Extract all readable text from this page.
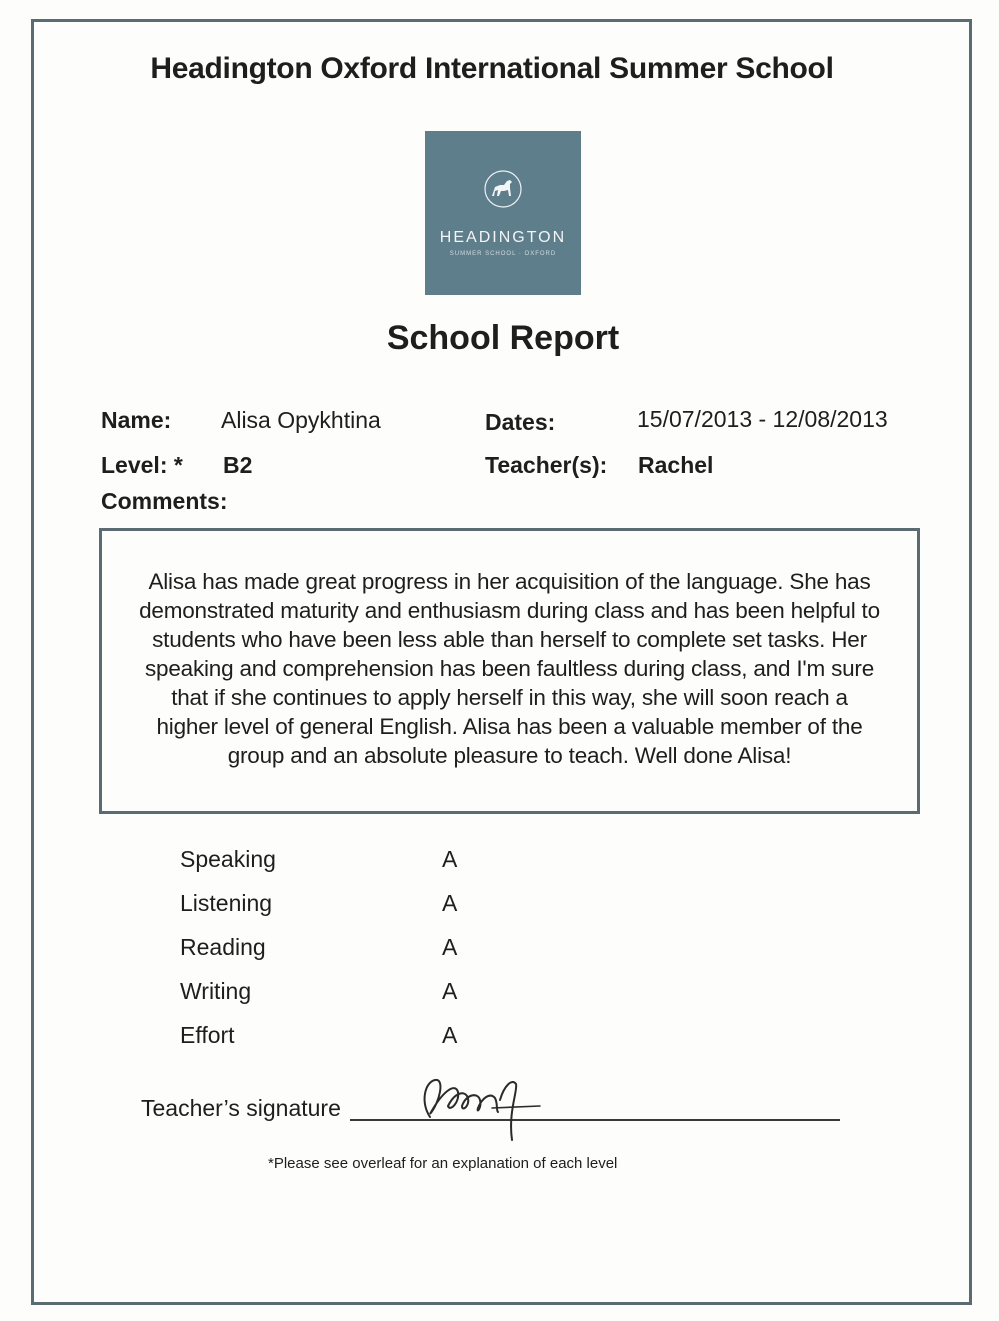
Headington Oxford International Summer School
HEADINGTON
SUMMER SCHOOL · OXFORD
School Report
Name: Alisa Opykhtina	Dates:	15/07/2013 - 12/08/2013
Level: * B2	Teacher(s): Rachel
Comments:
Alisa has made great progress in her acquisition of the language. She has
demonstrated maturity and enthusiasm during class and has been helpful to
students who have been less able than herself to complete set tasks. Her
speaking and comprehension has been faultless during class, and I'm sure
that if she continues to apply herself in this way, she will soon reach a
higher level of general English. Alisa has been a valuable member of the
group and an absolute pleasure to teach. Well done Alisa!
Speaking	A
Listening	A
Reading	A
Writing	A
Effort	A
Teacher’s signature
*Please see overleaf for an explanation of each level
